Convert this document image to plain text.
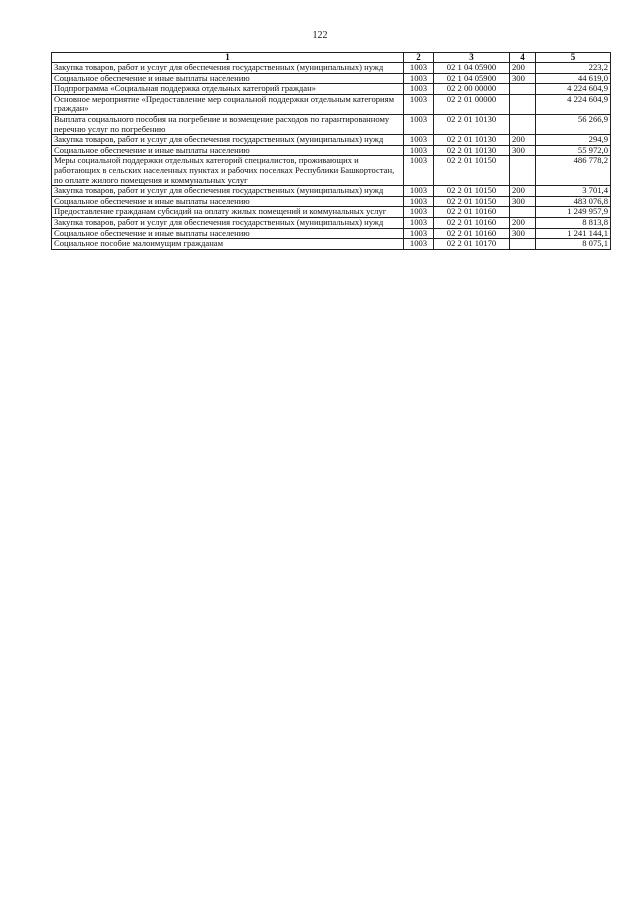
122
1	2	3	4	5
Закупка товаров, работ и услуг для обеспечения государственных (муниципальных) нужд	1003	02 1 04 05900	200	223,2
Социальное обеспечение и иные выплаты населению	1003	02 1 04 05900	300	44 619,0
Подпрограмма «Социальная поддержка отдельных категорий граждан»	1003	02 2 00 00000		4 224 604,9
Основное мероприятие «Предоставление мер социальной поддержки отдельным категориям граждан»	1003	02 2 01 00000		4 224 604,9
Выплата социального пособия на погребение и возмещение расходов по гарантированному перечню услуг по погребению	1003	02 2 01 10130		56 266,9
Закупка товаров, работ и услуг для обеспечения государственных (муниципальных) нужд	1003	02 2 01 10130	200	294,9
Социальное обеспечение и иные выплаты населению	1003	02 2 01 10130	300	55 972,0
Меры социальной поддержки отдельных категорий специалистов, проживающих и работающих в сельских населенных пунктах и рабочих поселках Республики Башкортостан, по оплате жилого помещения и коммунальных услуг	1003	02 2 01 10150		486 778,2
Закупка товаров, работ и услуг для обеспечения государственных (муниципальных) нужд	1003	02 2 01 10150	200	3 701,4
Социальное обеспечение и иные выплаты населению	1003	02 2 01 10150	300	483 076,8
Предоставление гражданам субсидий на оплату жилых помещений и коммунальных услуг	1003	02 2 01 10160		1 249 957,9
Закупка товаров, работ и услуг для обеспечения государственных (муниципальных) нужд	1003	02 2 01 10160	200	8 813,8
Социальное обеспечение и иные выплаты населению	1003	02 2 01 10160	300	1 241 144,1
Социальное пособие малоимущим гражданам	1003	02 2 01 10170		8 075,1
